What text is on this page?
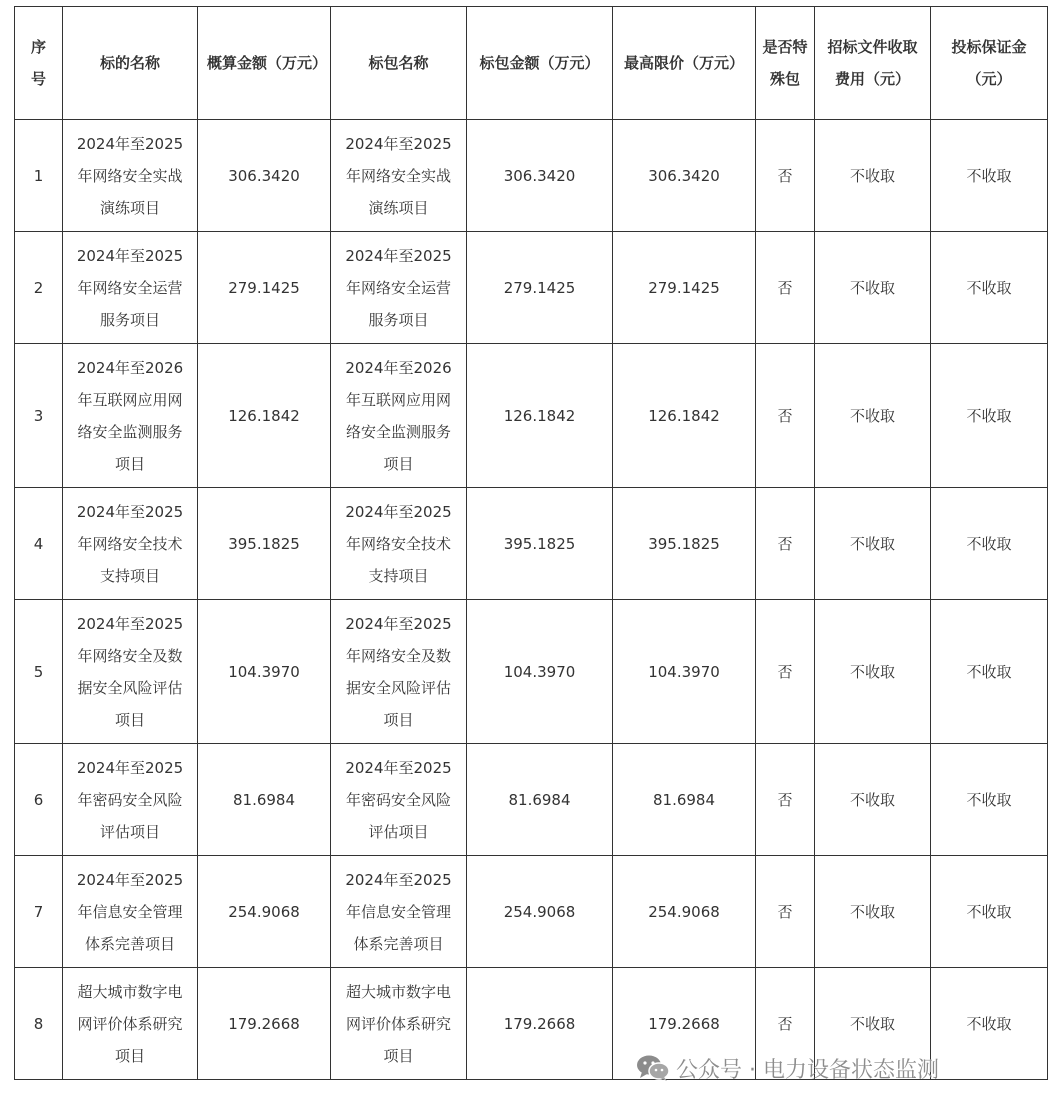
序号	标的名称	概算金额（万元）	标包名称	标包金额（万元）	最高限价（万元）	是否特殊包	招标文件收取费用（元）	投标保证金（元）
1	2024年至2025年网络安全实战演练项目	306.3420	2024年至2025年网络安全实战演练项目	306.3420	306.3420	否	不收取	不收取
2	2024年至2025年网络安全运营服务项目	279.1425	2024年至2025年网络安全运营服务项目	279.1425	279.1425	否	不收取	不收取
3	2024年至2026年互联网应用网络安全监测服务项目	126.1842	2024年至2026年互联网应用网络安全监测服务项目	126.1842	126.1842	否	不收取	不收取
4	2024年至2025年网络安全技术支持项目	395.1825	2024年至2025年网络安全技术支持项目	395.1825	395.1825	否	不收取	不收取
5	2024年至2025年网络安全及数据安全风险评估项目	104.3970	2024年至2025年网络安全及数据安全风险评估项目	104.3970	104.3970	否	不收取	不收取
6	2024年至2025年密码安全风险评估项目	81.6984	2024年至2025年密码安全风险评估项目	81.6984	81.6984	否	不收取	不收取
7	2024年至2025年信息安全管理体系完善项目	254.9068	2024年至2025年信息安全管理体系完善项目	254.9068	254.9068	否	不收取	不收取
8	超大城市数字电网评价体系研究项目	179.2668	超大城市数字电网评价体系研究项目	179.2668	179.2668	否	不收取	不收取
公众号 · 电力设备状态监测
